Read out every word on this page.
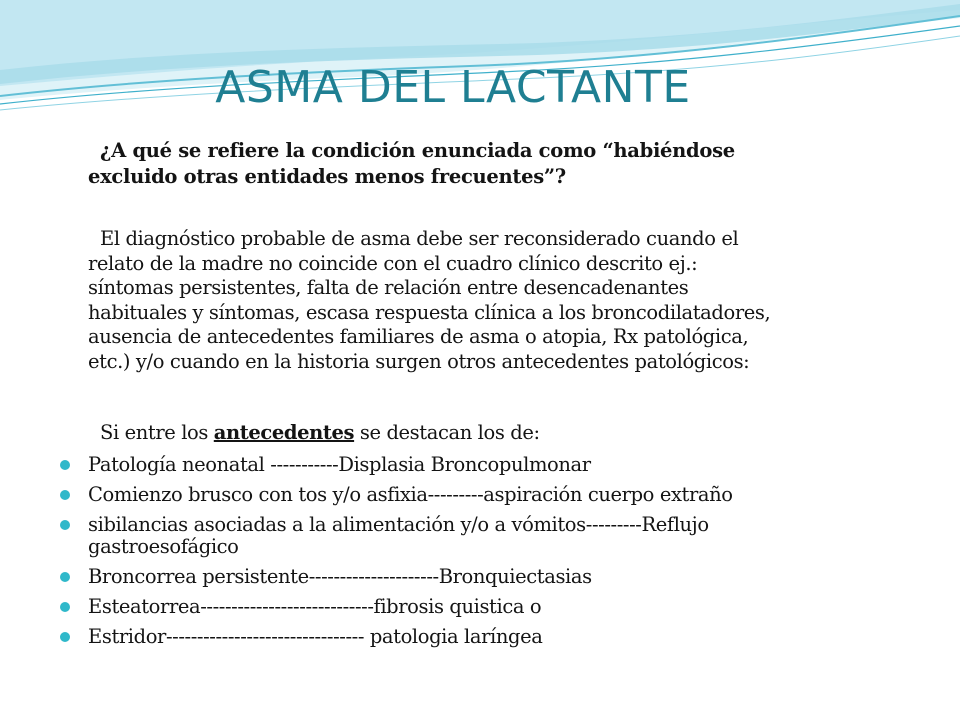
ASMA DEL LACTANTE
¿A qué se refiere la condición enunciada como “habiéndose
excluido otras entidades menos frecuentes”?
El diagnóstico probable de asma debe ser reconsiderado cuando el
relato de la madre no coincide con el cuadro clínico descrito ej.:
síntomas persistentes, falta de relación entre desencadenantes
habituales y síntomas, escasa respuesta clínica a los broncodilatadores,
ausencia de antecedentes familiares de asma o atopia, Rx patológica,
etc.) y/o cuando en la historia surgen otros antecedentes patológicos:
Si entre los antecedentes se destacan los de:
Patología neonatal -----------Displasia Broncopulmonar
Comienzo brusco con tos y/o asfixia---------aspiración cuerpo extraño
sibilancias asociadas a la alimentación y/o a vómitos---------Reflujo
gastroesofágico
Broncorrea persistente---------------------Bronquiectasias
Esteatorrea----------------------------fibrosis quistica o
Estridor-------------------------------- patologia laríngea
